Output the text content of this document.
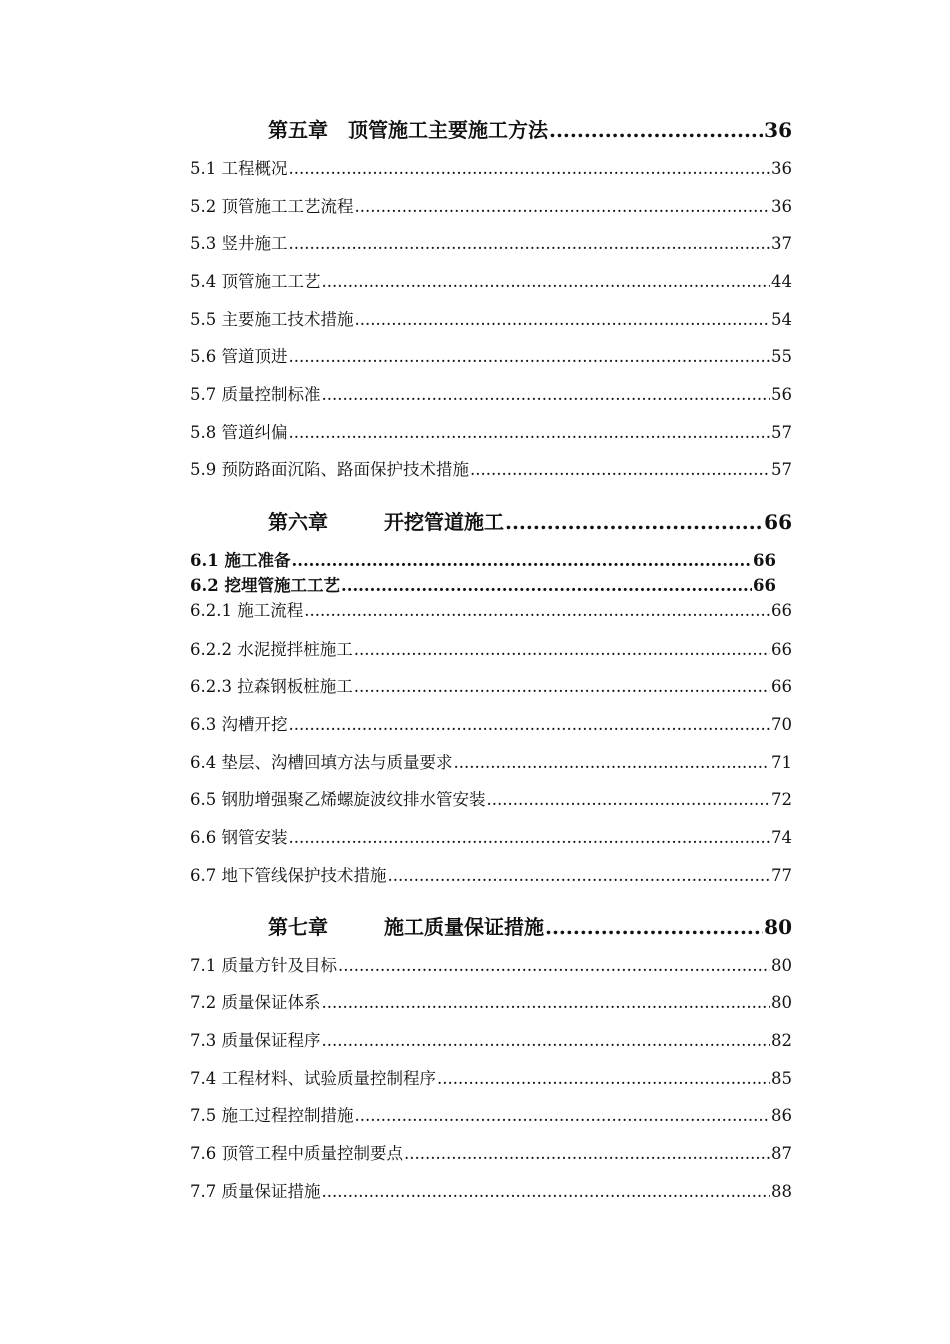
第五章 顶管施工主要施工方法 .....	36
5.1 工程概况 .....	36
5.2 顶管施工工艺流程 .....	36
5.3 竖井施工 .....	37
5.4 顶管施工工艺 .....	44
5.5 主要施工技术措施 .....	54
5.6 管道顶进 .....	55
5.7 质量控制标准 .....	56
5.8 管道纠偏 .....	57
5.9 预防路面沉陷、路面保护技术措施 .....	57
第六章	开挖管道施工 .....	66
6.1 施工准备 .....	66
6.2 挖埋管施工工艺 .....	66
6.2.1 施工流程 .....	66
6.2.2 水泥搅拌桩施工 .....	66
6.2.3 拉森钢板桩施工 .....	66
6.3 沟槽开挖 .....	70
6.4 垫层、沟槽回填方法与质量要求 .....	71
6.5 钢肋增强聚乙烯螺旋波纹排水管安装 .....	72
6.6 钢管安装 .....	74
6.7 地下管线保护技术措施 .....	77
第七章	施工质量保证措施 .....	80
7.1 质量方针及目标 .....	80
7.2 质量保证体系 .....	80
7.3 质量保证程序 .....	82
7.4 工程材料、试验质量控制程序 .....	85
7.5 施工过程控制措施 .....	86
7.6 顶管工程中质量控制要点 .....	87
7.7 质量保证措施 .....	88
